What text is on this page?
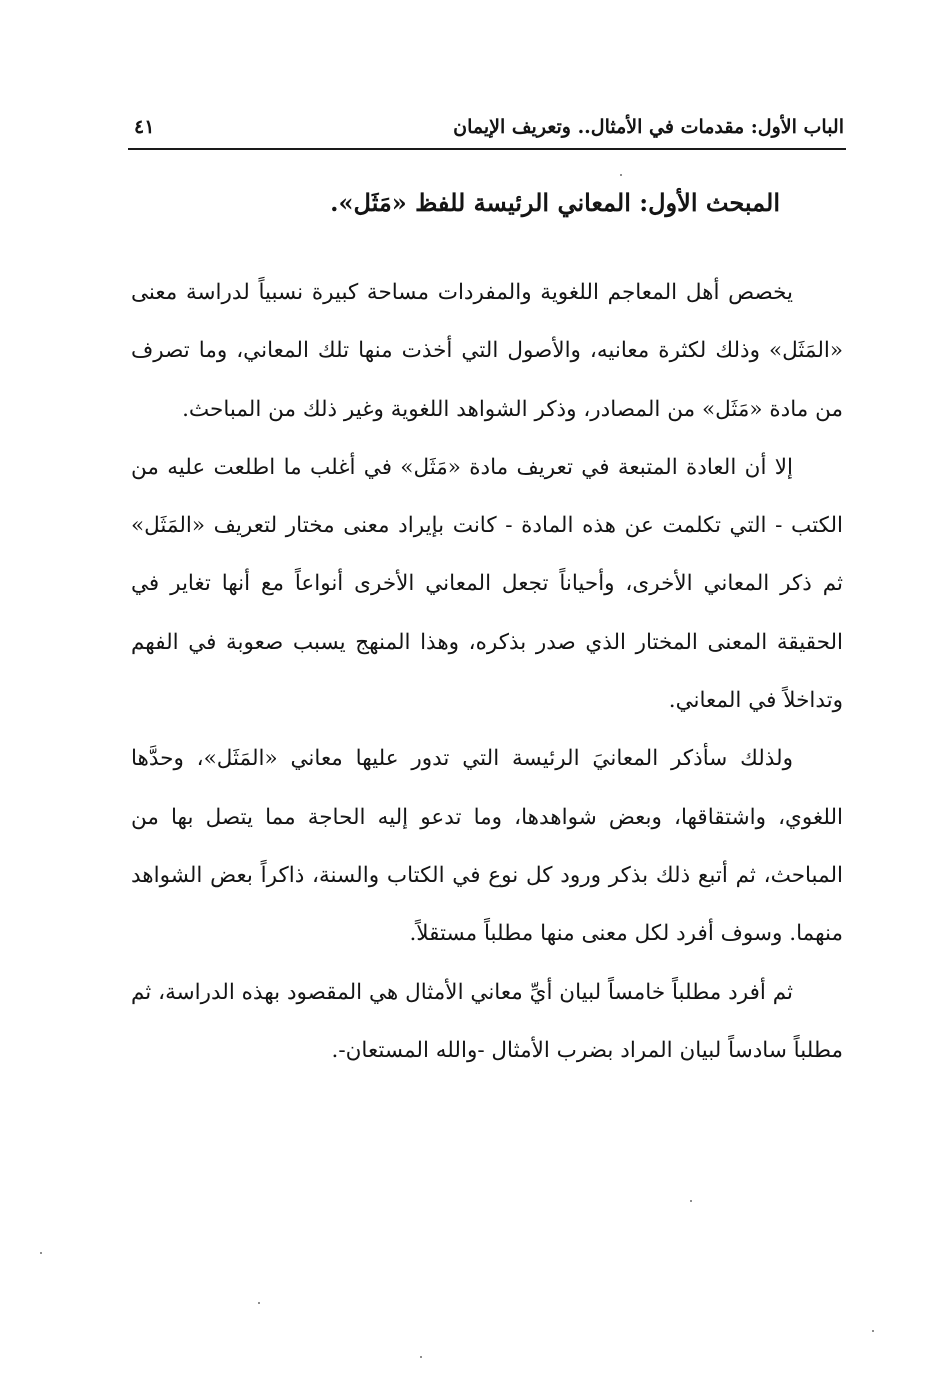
الباب الأول: مقدمات في الأمثال.. وتعريف الإيمان
٤١
المبحث الأول: المعاني الرئيسة للفظ «مَثَل».

يخصص أهل المعاجم اللغوية والمفردات مساحة كبيرة نسبياً لدراسة معنى «المَثَل» وذلك لكثرة معانيه، والأصول التي أخذت منها تلك المعاني، وما تصرف من مادة «مَثَل» من المصادر، وذكر الشواهد اللغوية وغير ذلك من المباحث.

إلا أن العادة المتبعة في تعريف مادة «مَثَل» في أغلب ما اطلعت عليه من الكتب - التي تكلمت عن هذه المادة - كانت بإيراد معنى مختار لتعريف «المَثَل» ثم ذكر المعاني الأخرى، وأحياناً تجعل المعاني الأخرى أنواعاً مع أنها تغاير في الحقيقة المعنى المختار الذي صدر بذكره، وهذا المنهج يسبب صعوبة في الفهم وتداخلاً في المعاني.

ولذلك سأذكر المعانيَ الرئيسة التي تدور عليها معاني «المَثَل»، وحدَّها اللغوي، واشتقاقها، وبعض شواهدها، وما تدعو إليه الحاجة مما يتصل بها من المباحث، ثم أتبع ذلك بذكر ورود كل نوع في الكتاب والسنة، ذاكراً بعض الشواهد منهما. وسوف أفرد لكل معنى منها مطلباً مستقلاً.

ثم أفرد مطلباً خامساً لبيان أيِّ معاني الأمثال هي المقصود بهذه الدراسة، ثم مطلباً سادساً لبيان المراد بضرب الأمثال -والله المستعان-.
